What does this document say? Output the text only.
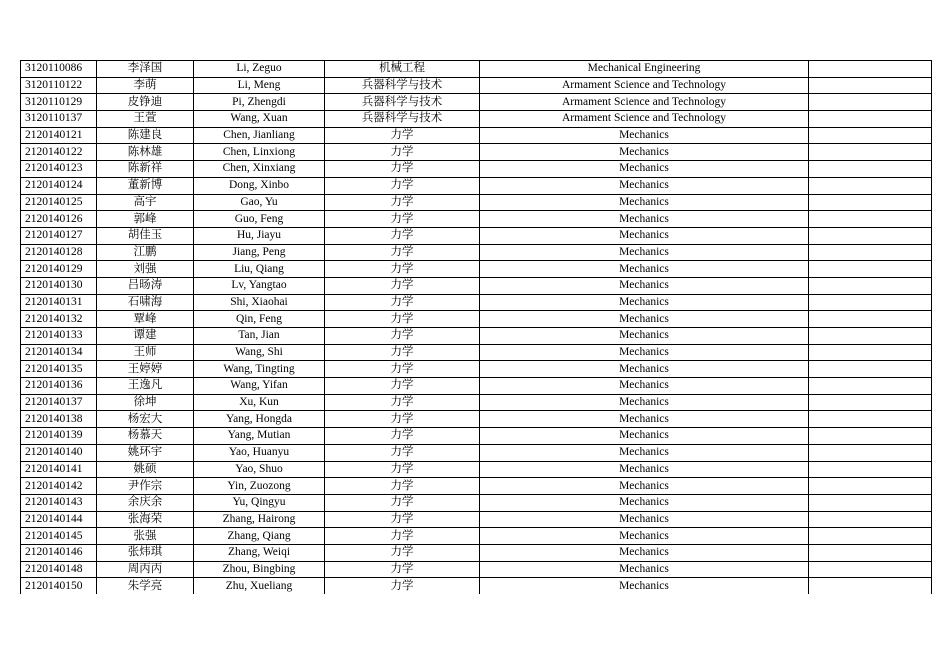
3120110086	李泽国	Li, Zeguo	机械工程	Mechanical Engineering	
3120110122	李萌	Li, Meng	兵器科学与技术	Armament Science and Technology	
3120110129	皮铮迪	Pi, Zhengdi	兵器科学与技术	Armament Science and Technology	
3120110137	王萱	Wang, Xuan	兵器科学与技术	Armament Science and Technology	
2120140121	陈建良	Chen, Jianliang	力学	Mechanics	
2120140122	陈林雄	Chen, Linxiong	力学	Mechanics	
2120140123	陈新祥	Chen, Xinxiang	力学	Mechanics	
2120140124	董新博	Dong, Xinbo	力学	Mechanics	
2120140125	高宇	Gao, Yu	力学	Mechanics	
2120140126	郭峰	Guo, Feng	力学	Mechanics	
2120140127	胡佳玉	Hu, Jiayu	力学	Mechanics	
2120140128	江鹏	Jiang, Peng	力学	Mechanics	
2120140129	刘强	Liu, Qiang	力学	Mechanics	
2120140130	吕旸涛	Lv, Yangtao	力学	Mechanics	
2120140131	石啸海	Shi, Xiaohai	力学	Mechanics	
2120140132	覃峰	Qin, Feng	力学	Mechanics	
2120140133	谭建	Tan, Jian	力学	Mechanics	
2120140134	王师	Wang, Shi	力学	Mechanics	
2120140135	王婷婷	Wang, Tingting	力学	Mechanics	
2120140136	王逸凡	Wang, Yifan	力学	Mechanics	
2120140137	徐坤	Xu, Kun	力学	Mechanics	
2120140138	杨宏大	Yang, Hongda	力学	Mechanics	
2120140139	杨慕天	Yang, Mutian	力学	Mechanics	
2120140140	姚环宇	Yao, Huanyu	力学	Mechanics	
2120140141	姚硕	Yao, Shuo	力学	Mechanics	
2120140142	尹作宗	Yin, Zuozong	力学	Mechanics	
2120140143	余庆余	Yu, Qingyu	力学	Mechanics	
2120140144	张海荣	Zhang, Hairong	力学	Mechanics	
2120140145	张强	Zhang, Qiang	力学	Mechanics	
2120140146	张炜琪	Zhang, Weiqi	力学	Mechanics	
2120140148	周丙丙	Zhou, Bingbing	力学	Mechanics	
2120140150	朱学亮	Zhu, Xueliang	力学	Mechanics	
